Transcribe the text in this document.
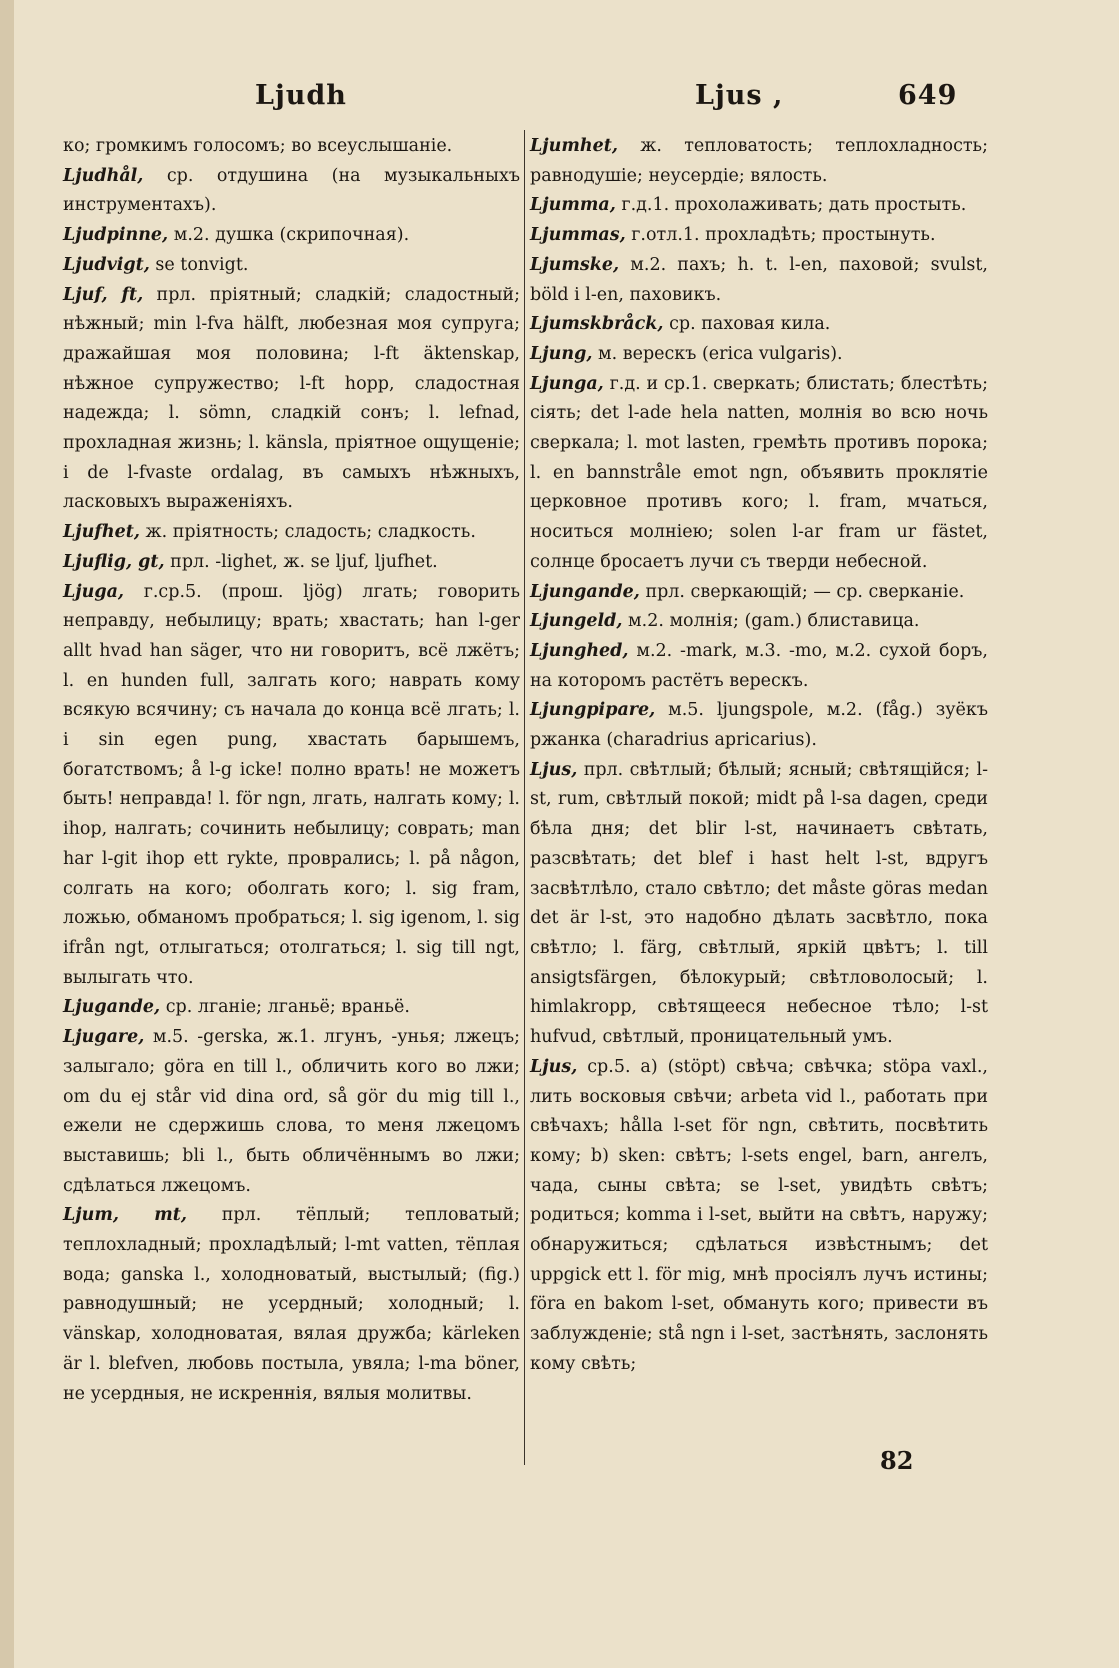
Ljudh	Ljus ,	649

ко; громкимъ голосомъ; во всеуслышаніе.

Ljudhål, ср. отдушина (на музыкальныхъ инструментахъ).

Ljudpinne, м.2. душка (скрипочная).

Ljudvigt, se tonvigt.

Ljuf, ft, прл. пріятный; сладкій; сладостный; нѣжный; min l-fva hälft, любезная моя супруга; дражайшая моя половина; l-ft äktenskap, нѣжное супружество; l-ft hopp, сладостная надежда; l. sömn, сладкій сонъ; l. lefnad, прохладная жизнь; l. känsla, пріятное ощущеніе; i de l-fvaste ordalag, въ самыхъ нѣжныхъ, ласковыхъ выраженіяхъ.

Ljufhet, ж. пріятность; сладость; сладкость.

Ljuflig, gt, прл. -lighet, ж. se ljuf, ljufhet.

Ljuga, г.ср.5. (прош. ljög) лгать; говорить неправду, небылицу; врать; хвастать; han l-ger allt hvad han säger, что ни говоритъ, всё лжётъ; l. en hunden full, залгать кого; наврать кому всякую всячину; съ начала до конца всё лгать; l. i sin egen pung, хвастать барышемъ, богатствомъ; å l-g icke! полно врать! не можетъ быть! неправда! l. för ngn, лгать, налгать кому; l. ihop, налгать; сочинить небылицу; соврать; man har l-git ihop ett rykte, проврались; l. på någon, солгать на кого; оболгать кого; l. sig fram, ложью, обманомъ пробраться; l. sig igenom, l. sig ifrån ngt, отлыгаться; отолгаться; l. sig till ngt, вылыгать что.

Ljugande, ср. лганіе; лганьё; враньё.

Ljugare, м.5. -gerska, ж.1. лгунъ, -унья; лжецъ; залыгало; göra en till l., обличить кого во лжи; om du ej står vid dina ord, så gör du mig till l., ежели не сдержишь слова, то меня лжецомъ выставишь; bli l., быть обличённымъ во лжи; сдѣлаться лжецомъ.

Ljum, mt, прл. тёплый; тепловатый; теплохладный; прохладѣлый; l-mt vatten, тёплая вода; ganska l., холодноватый, выстылый; (fig.) равнодушный; не усердный; холодный; l. vänskap, холодноватая, вялая дружба; kärleken är l. blefven, любовь постыла, увяла; l-ma böner, не усердныя, не искреннія, вялыя молитвы.

Ljumhet, ж. тепловатость; теплохладность; равнодушіе; неусердіе; вялость.

Ljumma, г.д.1. прохолаживать; дать простыть.

Ljummas, г.отл.1. прохладѣть; простынуть.

Ljumske, м.2. пахъ; h. t. l-en, паховой; svulst, böld i l-en, паховикъ.

Ljumskbråck, ср. паховая кила.

Ljung, м. верескъ (erica vulgaris).

Ljunga, г.д. и ср.1. сверкать; блистать; блестѣть; сіять; det l-ade hela natten, молнія во всю ночь сверкала; l. mot lasten, гремѣть противъ порока; l. en bannstråle emot ngn, объявить проклятіе церковное противъ кого; l. fram, мчаться, носиться молніею; solen l-ar fram ur fästet, солнце бросаетъ лучи съ тверди небесной.

Ljungande, прл. сверкающій; — ср. сверканіе.

Ljungeld, м.2. молнія; (gam.) блиставица.

Ljunghed, м.2. -mark, м.3. -mo, м.2. сухой боръ, на которомъ растётъ верескъ.

Ljungpipare, м.5. ljungspole, м.2. (fåg.) зуёкъ ржанка (charadrius apricarius).

Ljus, прл. свѣтлый; бѣлый; ясный; свѣтящійся; l-st, rum, свѣтлый покой; midt på l-sa dagen, среди бѣла дня; det blir l-st, начинаетъ свѣтать, разсвѣтать; det blef i hast helt l-st, вдругъ засвѣтлѣло, стало свѣтло; det måste göras medan det är l-st, это надобно дѣлать засвѣтло, пока свѣтло; l. färg, свѣтлый, яркій цвѣтъ; l. till ansigtsfärgen, бѣлокурый; свѣтловолосый; l. himlakropp, свѣтящееся небесное тѣло; l-st hufvud, свѣтлый, проницательный умъ.

Ljus, ср.5. a) (stöpt) свѣча; свѣчка; stöpa vaxl., лить восковыя свѣчи; arbeta vid l., работать при свѣчахъ; hålla l-set för ngn, свѣтить, посвѣтить кому; b) sken: свѣтъ; l-sets engel, barn, ангелъ, чада, сыны свѣта; se l-set, увидѣть свѣтъ; родиться; komma i l-set, выйти на свѣтъ, наружу; обнаружиться; сдѣлаться извѣстнымъ; det uppgick ett l. för mig, мнѣ просіялъ лучъ истины; föra en bakom l-set, обмануть кого; привести въ заблужденіе; stå ngn i l-set, застѣнять, заслонять кому свѣть;

82
